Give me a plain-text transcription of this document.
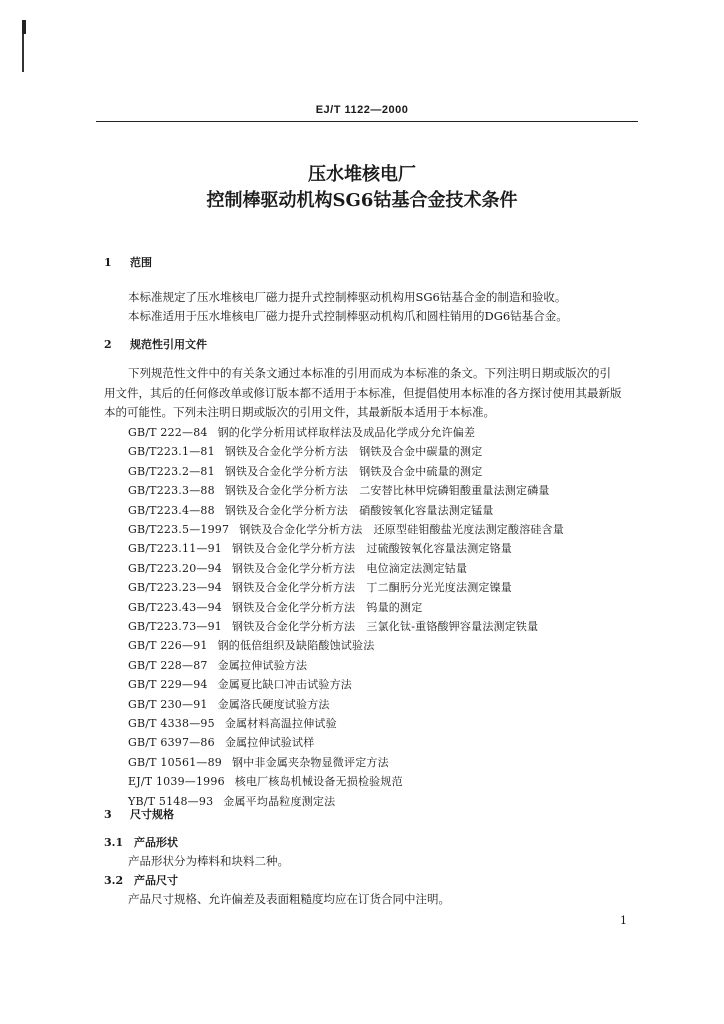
EJ/T 1122—2000
压水堆核电厂
控制棒驱动机构SG6钴基合金技术条件
1 范围
本标准规定了压水堆核电厂磁力提升式控制棒驱动机构用SG6钴基合金的制造和验收。
本标准适用于压水堆核电厂磁力提升式控制棒驱动机构爪和圆柱销用的DG6钴基合金。
2 规范性引用文件
下列规范性文件中的有关条文通过本标准的引用而成为本标准的条文。下列注明日期或版次的引
用文件，其后的任何修改单或修订版本都不适用于本标准，但提倡使用本标准的各方探讨使用其最新版
本的可能性。下列未注明日期或版次的引用文件，其最新版本适用于本标准。
GB/T 222—84 钢的化学分析用试样取样法及成品化学成分允许偏差
GB/T223.1—81 钢铁及合金化学分析方法　钢铁及合金中碳量的测定
GB/T223.2—81 钢铁及合金化学分析方法　钢铁及合金中硫量的测定
GB/T223.3—88 钢铁及合金化学分析方法　二安替比林甲烷磷钼酸重量法测定磷量
GB/T223.4—88 钢铁及合金化学分析方法　硝酸铵氧化容量法测定锰量
GB/T223.5—1997 钢铁及合金化学分析方法　还原型硅钼酸盐光度法测定酸溶硅含量
GB/T223.11—91 钢铁及合金化学分析方法　过硫酸铵氧化容量法测定铬量
GB/T223.20—94 钢铁及合金化学分析方法　电位滴定法测定钴量
GB/T223.23—94 钢铁及合金化学分析方法　丁二酮肟分光光度法测定镍量
GB/T223.43—94 钢铁及合金化学分析方法　钨量的测定
GB/T223.73—91 钢铁及合金化学分析方法　三氯化钛-重铬酸钾容量法测定铁量
GB/T 226—91 钢的低倍组织及缺陷酸蚀试验法
GB/T 228—87 金属拉伸试验方法
GB/T 229—94 金属夏比缺口冲击试验方法
GB/T 230—91 金属洛氏硬度试验方法
GB/T 4338—95 金属材料高温拉伸试验
GB/T 6397—86 金属拉伸试验试样
GB/T 10561—89 钢中非金属夹杂物显微评定方法
EJ/T 1039—1996 核电厂核岛机械设备无损检验规范
YB/T 5148—93 金属平均晶粒度测定法
3 尺寸规格
3.1 产品形状
产品形状分为棒料和块料二种。
3.2 产品尺寸
产品尺寸规格、允许偏差及表面粗糙度均应在订货合同中注明。
1
